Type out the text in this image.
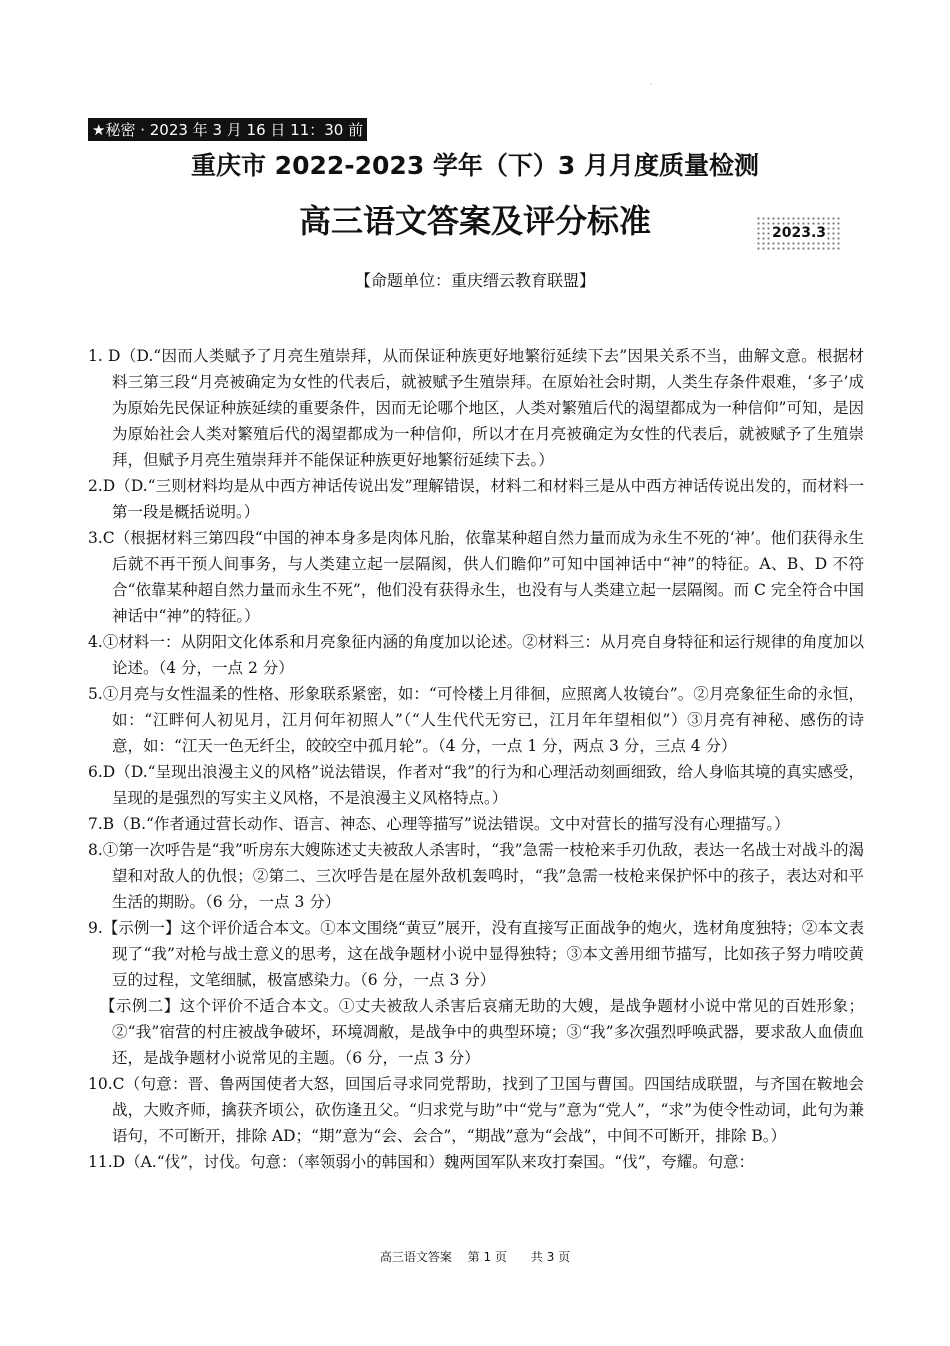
·
★秘密 · 2023 年 3 月 16 日 11：30 前
重庆市 2022-2023 学年（下）3 月月度质量检测
高三语文答案及评分标准	2023.3
【命题单位：重庆缙云教育联盟】

1. D（D.“因而人类赋予了月亮生殖崇拜，从而保证种族更好地繁衍延续下去”因果关系不当，曲解文意。根据材料三第三段“月亮被确定为女性的代表后，就被赋予生殖崇拜。在原始社会时期，人类生存条件艰难，‘多子’成为原始先民保证种族延续的重要条件，因而无论哪个地区，人类对繁殖后代的渴望都成为一种信仰”可知，是因为原始社会人类对繁殖后代的渴望都成为一种信仰，所以才在月亮被确定为女性的代表后，就被赋予了生殖崇拜，但赋予月亮生殖崇拜并不能保证种族更好地繁衍延续下去。）

2.D（D.“三则材料均是从中西方神话传说出发”理解错误，材料二和材料三是从中西方神话传说出发的，而材料一第一段是概括说明。）

3.C（根据材料三第四段“中国的神本身多是肉体凡胎，依靠某种超自然力量而成为永生不死的‘神’。他们获得永生后就不再干预人间事务，与人类建立起一层隔阂，供人们瞻仰”可知中国神话中“神”的特征。A、B、D 不符合“依靠某种超自然力量而永生不死”，他们没有获得永生，也没有与人类建立起一层隔阂。而 C 完全符合中国神话中“神”的特征。）

4.①材料一：从阴阳文化体系和月亮象征内涵的角度加以论述。②材料三：从月亮自身特征和运行规律的角度加以论述。（4 分，一点 2 分）

5.①月亮与女性温柔的性格、形象联系紧密，如：“可怜楼上月徘徊，应照离人妆镜台”。②月亮象征生命的永恒，如：“江畔何人初见月，江月何年初照人”（“人生代代无穷已，江月年年望相似”）③月亮有神秘、感伤的诗意，如：“江天一色无纤尘，皎皎空中孤月轮”。（4 分，一点 1 分，两点 3 分，三点 4 分）

6.D（D.“呈现出浪漫主义的风格”说法错误，作者对“我”的行为和心理活动刻画细致，给人身临其境的真实感受，呈现的是强烈的写实主义风格，不是浪漫主义风格特点。）

7.B（B.“作者通过营长动作、语言、神态、心理等描写”说法错误。文中对营长的描写没有心理描写。）

8.①第一次呼告是“我”听房东大嫂陈述丈夫被敌人杀害时，“我”急需一枝枪来手刃仇敌，表达一名战士对战斗的渴望和对敌人的仇恨；②第二、三次呼告是在屋外敌机轰鸣时，“我”急需一枝枪来保护怀中的孩子，表达对和平生活的期盼。（6 分，一点 3 分）

9.【示例一】这个评价适合本文。①本文围绕“黄豆”展开，没有直接写正面战争的炮火，选材角度独特；②本文表现了“我”对枪与战士意义的思考，这在战争题材小说中显得独特；③本文善用细节描写，比如孩子努力啃咬黄豆的过程，文笔细腻，极富感染力。（6 分，一点 3 分）

【示例二】这个评价不适合本文。①丈夫被敌人杀害后哀痛无助的大嫂，是战争题材小说中常见的百姓形象；②“我”宿营的村庄被战争破坏，环境凋敝，是战争中的典型环境；③“我”多次强烈呼唤武器，要求敌人血债血还，是战争题材小说常见的主题。（6 分，一点 3 分）

10.C（句意：晋、鲁两国使者大怒，回国后寻求同党帮助，找到了卫国与曹国。四国结成联盟，与齐国在鞍地会战，大败齐师，擒获齐顷公，砍伤逢丑父。“归求党与助”中“党与”意为“党人”，“求”为使令性动词，此句为兼语句，不可断开，排除 AD；“期”意为“会、会合”，“期战”意为“会战”，中间不可断开，排除 B。）

11.D（A.“伐”，讨伐。句意：（率领弱小的韩国和）魏两国军队来攻打秦国。“伐”，夸耀。句意：

高三语文答案　 第 1 页　　共 3 页
